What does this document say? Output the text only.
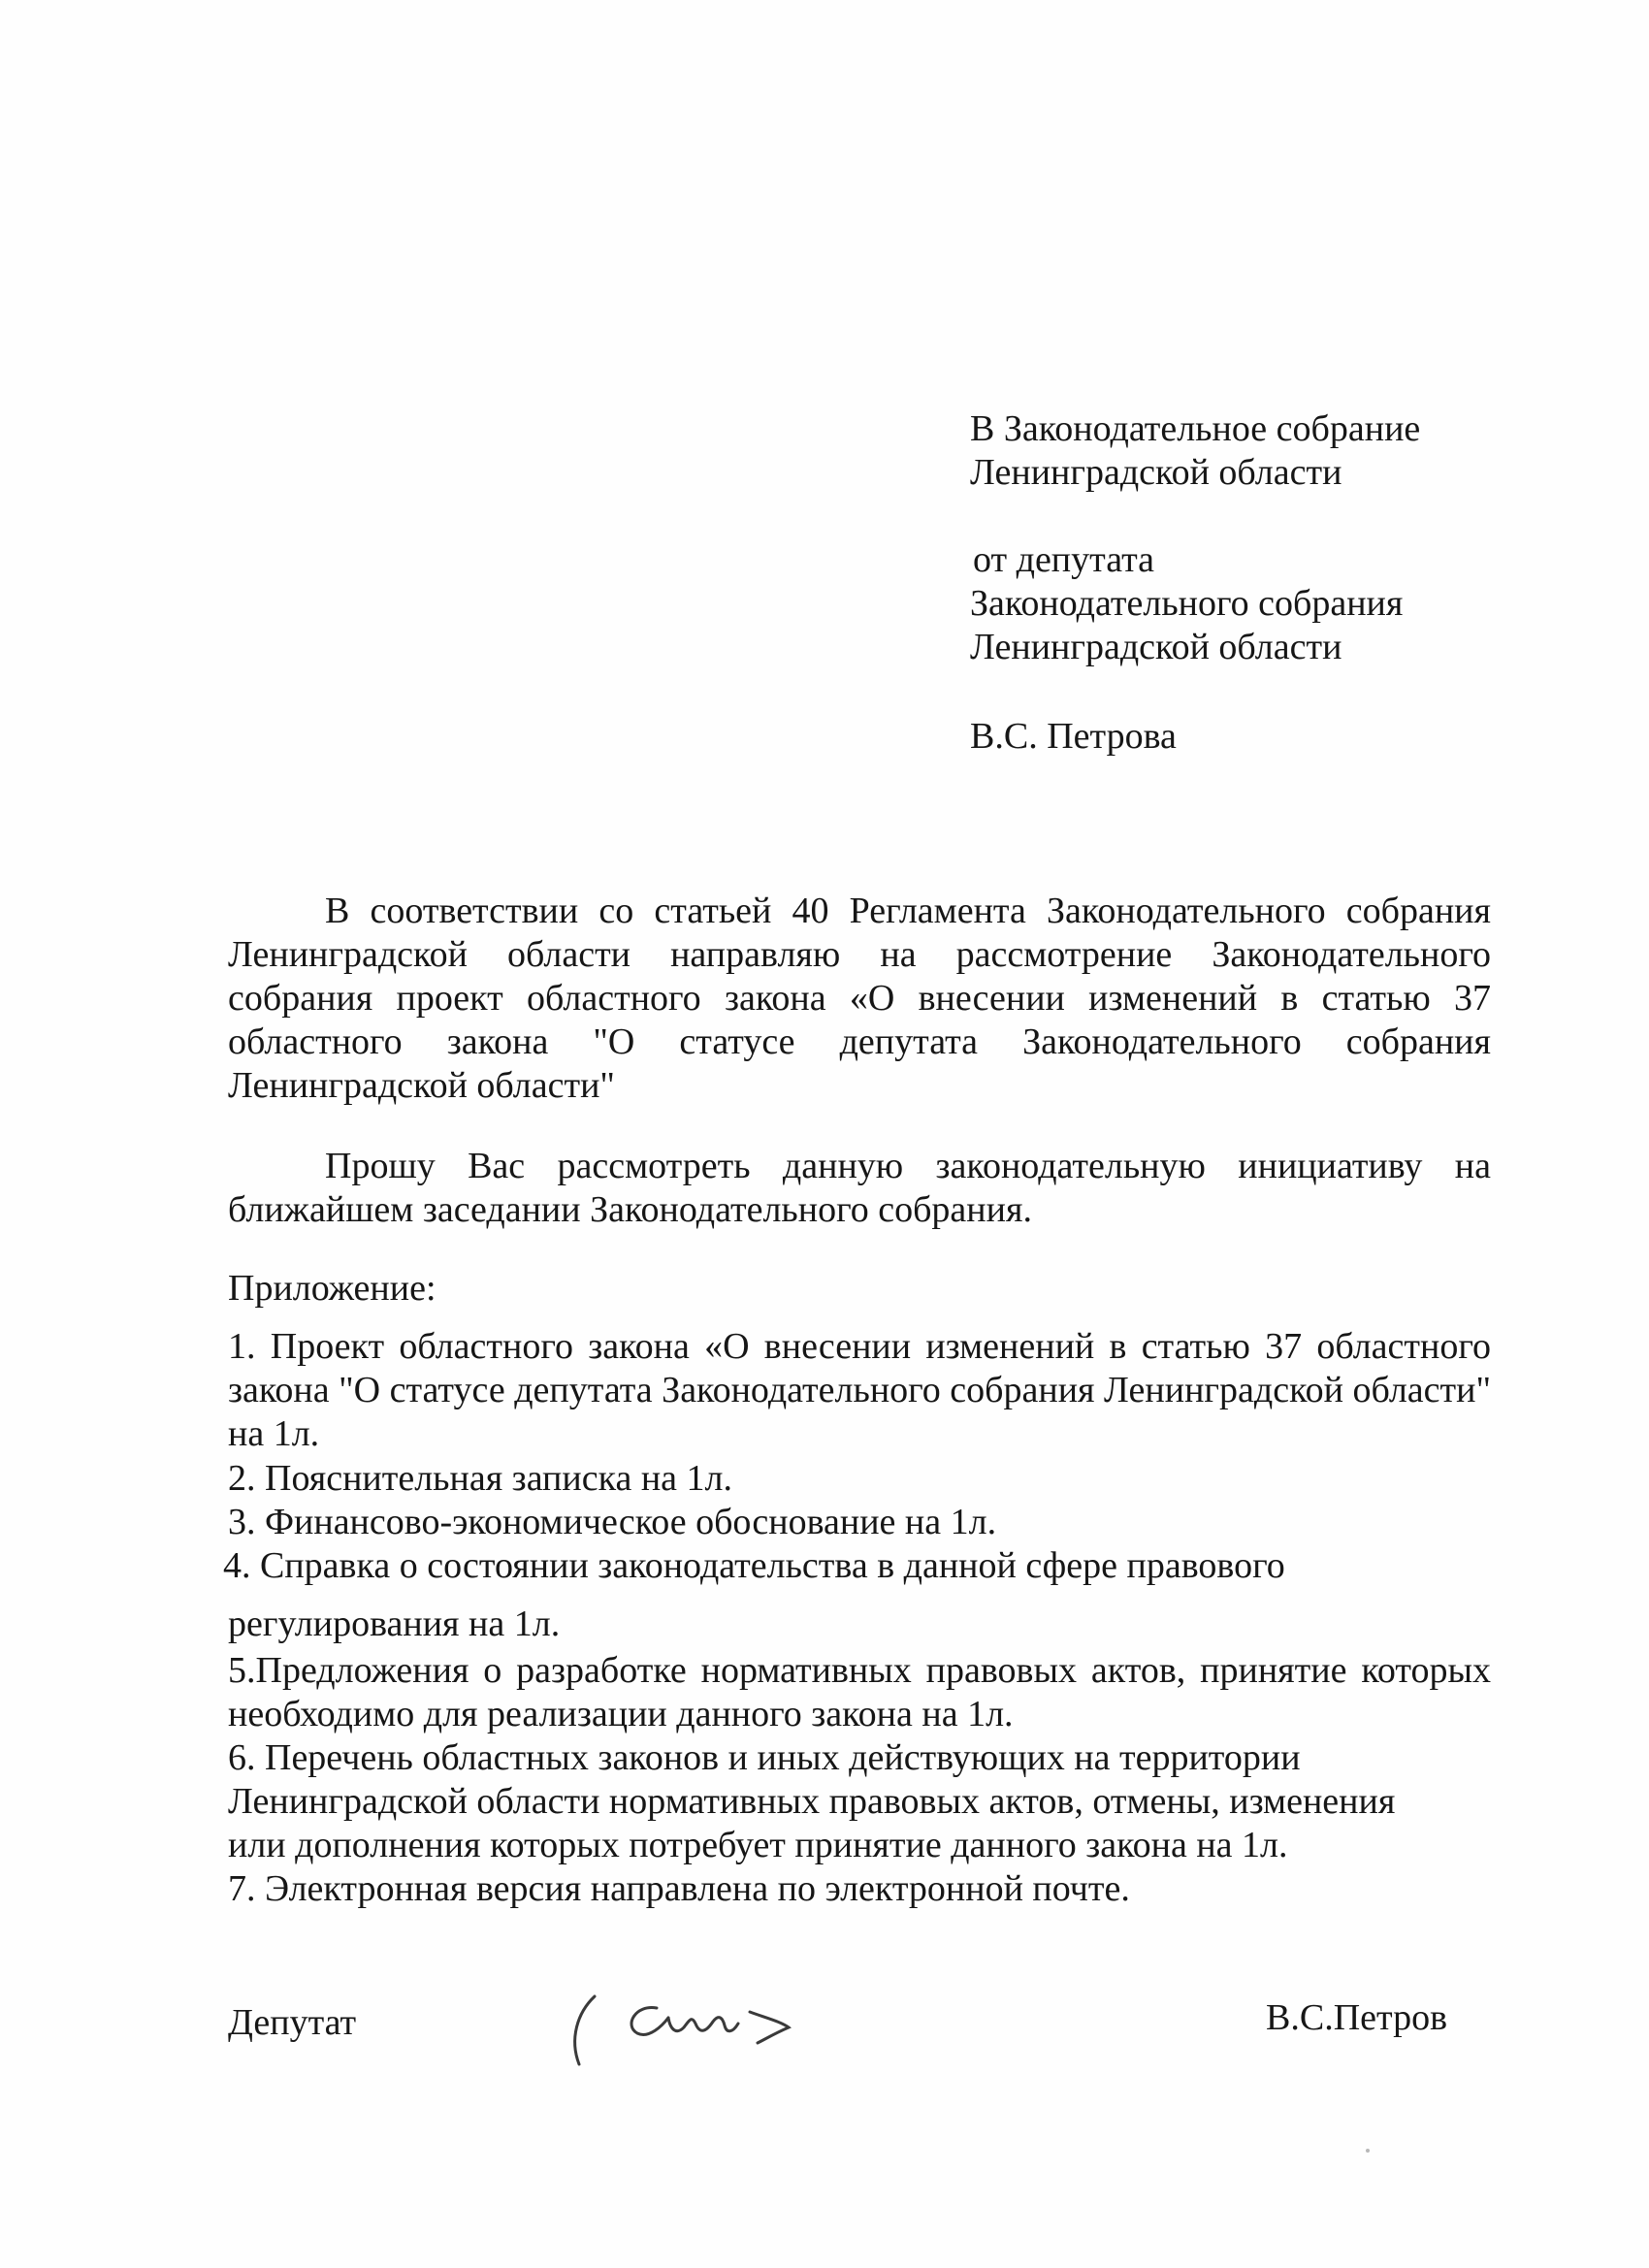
В Законодательное собрание
Ленинградской области
от депутата
Законодательного собрания
Ленинградской области
В.С. Петрова
В соответствии со статьей 40 Регламента Законодательного собрания Ленинградской области направляю на рассмотрение Законодательного собрания проект областного закона «О внесении изменений в статью 37 областного закона "О статусе депутата Законодательного собрания Ленинградской области"
Прошу Вас рассмотреть данную законодательную инициативу на ближайшем заседании Законодательного собрания.
Приложение:
1. Проект областного закона «О внесении изменений в статью 37 областного закона "О статусе депутата Законодательного собрания Ленинградской области" на 1л.
2. Пояснительная записка на 1л.
3. Финансово-экономическое обоснование на 1л.
4. Справка о состоянии законодательства в данной сфере правового
регулирования на 1л.
5.Предложения о разработке нормативных правовых актов, принятие которых необходимо для реализации данного закона на 1л.
6. Перечень областных законов и иных действующих на территории Ленинградской области нормативных правовых актов, отмены, изменения или дополнения которых потребует принятие данного закона на 1л.
7. Электронная версия направлена по электронной почте.
Депутат	В.С.Петров
